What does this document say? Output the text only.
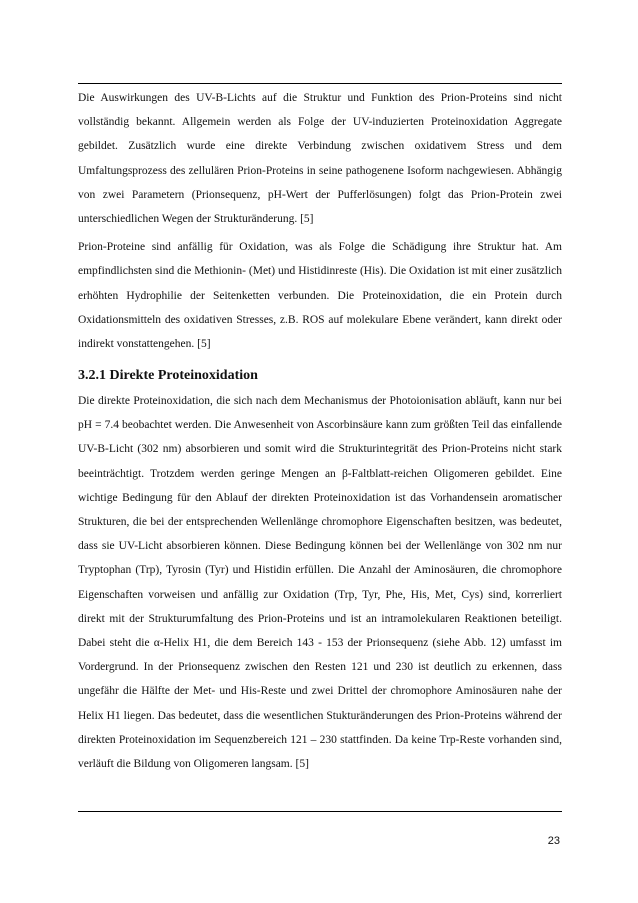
Die Auswirkungen des UV-B-Lichts auf die Struktur und Funktion des Prion-Proteins sind nicht vollständig bekannt. Allgemein werden als Folge der UV-induzierten Proteinoxidation Aggregate gebildet. Zusätzlich wurde eine direkte Verbindung zwischen oxidativem Stress und dem Umfaltungsprozess des zellulären Prion-Proteins in seine pathogenene Isoform nachgewiesen. Abhängig von zwei Parametern (Prionsequenz, pH-Wert der Pufferlösungen) folgt das Prion-Protein zwei unterschiedlichen Wegen der Strukturänderung. [5]

Prion-Proteine sind anfällig für Oxidation, was als Folge die Schädigung ihre Struktur hat. Am empfindlichsten sind die Methionin- (Met) und Histidinreste (His). Die Oxidation ist mit einer zusätzlich erhöhten Hydrophilie der Seitenketten verbunden. Die Proteinoxidation, die ein Protein durch Oxidationsmitteln des oxidativen Stresses, z.B. ROS auf molekulare Ebene verändert, kann direkt oder indirekt vonstattengehen. [5]

3.2.1 Direkte Proteinoxidation

Die direkte Proteinoxidation, die sich nach dem Mechanismus der Photoionisation abläuft, kann nur bei pH = 7.4 beobachtet werden. Die Anwesenheit von Ascorbinsäure kann zum größten Teil das einfallende UV-B-Licht (302 nm) absorbieren und somit wird die Strukturintegrität des Prion-Proteins nicht stark beeinträchtigt. Trotzdem werden geringe Mengen an β-Faltblatt-reichen Oligomeren gebildet. Eine wichtige Bedingung für den Ablauf der direkten Proteinoxidation ist das Vorhandensein aromatischer Strukturen, die bei der entsprechenden Wellenlänge chromophore Eigenschaften besitzen, was bedeutet, dass sie UV-Licht absorbieren können. Diese Bedingung können bei der Wellenlänge von 302 nm nur Tryptophan (Trp), Tyrosin (Tyr) und Histidin erfüllen. Die Anzahl der Aminosäuren, die chromophore Eigenschaften vorweisen und anfällig zur Oxidation (Trp, Tyr, Phe, His, Met, Cys) sind, korrerliert direkt mit der Strukturumfaltung des Prion-Proteins und ist an intramolekularen Reaktionen beteiligt. Dabei steht die α-Helix H1, die dem Bereich 143 - 153 der Prionsequenz (siehe Abb. 12) umfasst im Vordergrund. In der Prionsequenz zwischen den Resten 121 und 230 ist deutlich zu erkennen, dass ungefähr die Hälfte der Met- und His-Reste und zwei Drittel der chromophore Aminosäuren nahe der Helix H1 liegen. Das bedeutet, dass die wesentlichen Stukturänderungen des Prion-Proteins während der direkten Proteinoxidation im Sequenzbereich 121 – 230 stattfinden. Da keine Trp-Reste vorhanden sind, verläuft die Bildung von Oligomeren langsam. [5]

23
